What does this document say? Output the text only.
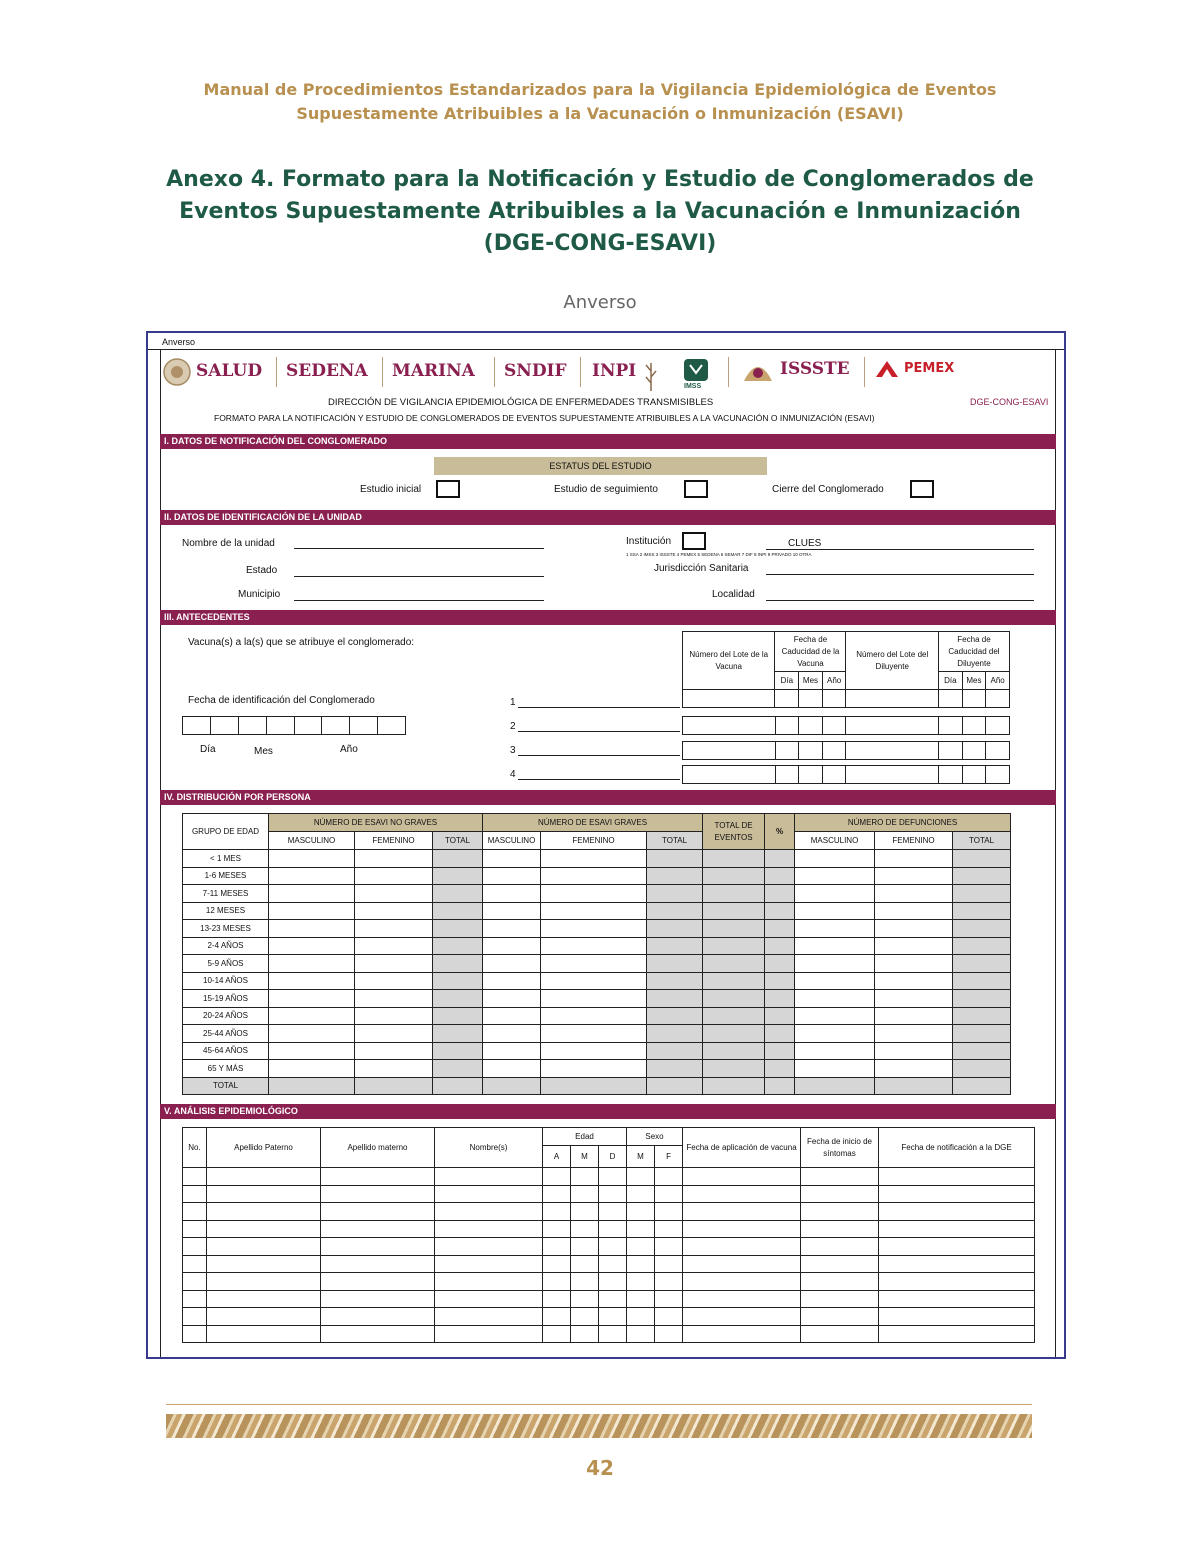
Manual de Procedimientos Estandarizados para la Vigilancia Epidemiológica de Eventos
Supuestamente Atribuibles a la Vacunación o Inmunización (ESAVI)
Anexo 4. Formato para la Notificación y Estudio de Conglomerados de
Eventos Supuestamente Atribuibles a la Vacunación e Inmunización
(DGE-CONG-ESAVI)
Anverso
Anverso
SALUD SEDENA MARINA SNDIF INPI
IMSS
ISSSTE	PEMEX
DIRECCIÓN DE VIGILANCIA EPIDEMIOLÓGICA DE ENFERMEDADES TRANSMISIBLES	DGE-CONG-ESAVI
FORMATO PARA LA NOTIFICACIÓN Y ESTUDIO DE CONGLOMERADOS DE EVENTOS SUPUESTAMENTE ATRIBUIBLES A LA VACUNACIÓN O INMUNIZACIÓN (ESAVI)
I. DATOS DE NOTIFICACIÓN DEL CONGLOMERADO
ESTATUS DEL ESTUDIO
Estudio inicial	Estudio de seguimiento	Cierre del Conglomerado
II. DATOS DE IDENTIFICACIÓN DE LA UNIDAD
Nombre de la unidad	Institución	CLUES
1 SSA 2 IMSS 3 ISSSTE 4 PEMEX 5 SEDENA 6 SEMAR 7 DIF 8 INPI 9 PRIVADO 10 OTRA
Estado	Jurisdicción Sanitaria
Municipio	Localidad
III. ANTECEDENTES
Vacuna(s) a la(s) que se atribuye el conglomerado:
Número del Lote de la Vacuna	Fecha de Caducidad de la Vacuna			Número del Lote del Diluyente	Fecha de Caducidad del Diluyente		
	Día	Mes	Año		Día	Mes	Año

1
2
3
4
Fecha de identificación del Conglomerado

Día	Mes	Año
IV. DISTRIBUCIÓN POR PERSONA
GRUPO DE EDAD	NÚMERO DE ESAVI NO GRAVES			NÚMERO DE ESAVI GRAVES			TOTAL DE EVENTOS	%	NÚMERO DE DEFUNCIONES		
	MASCULINO	FEMENINO	TOTAL	MASCULINO	FEMENINO	TOTAL			MASCULINO	FEMENINO	TOTAL
< 1 MES											
1-6 MESES											
7-11 MESES											
12 MESES											
13-23 MESES											
2-4 AÑOS											
5-9 AÑOS											
10-14 AÑOS											
15-19 AÑOS											
20-24 AÑOS											
25-44 AÑOS											
45-64 AÑOS											
65 Y MÁS											
TOTAL											
V. ANÁLISIS EPIDEMIOLÓGICO
No.	Apellido Paterno	Apellido materno	Nombre(s)	Edad			Sexo		Fecha de aplicación de vacuna	Fecha de inicio de síntomas	Fecha de notificación a la DGE
				A	M	D	M	F			

42
